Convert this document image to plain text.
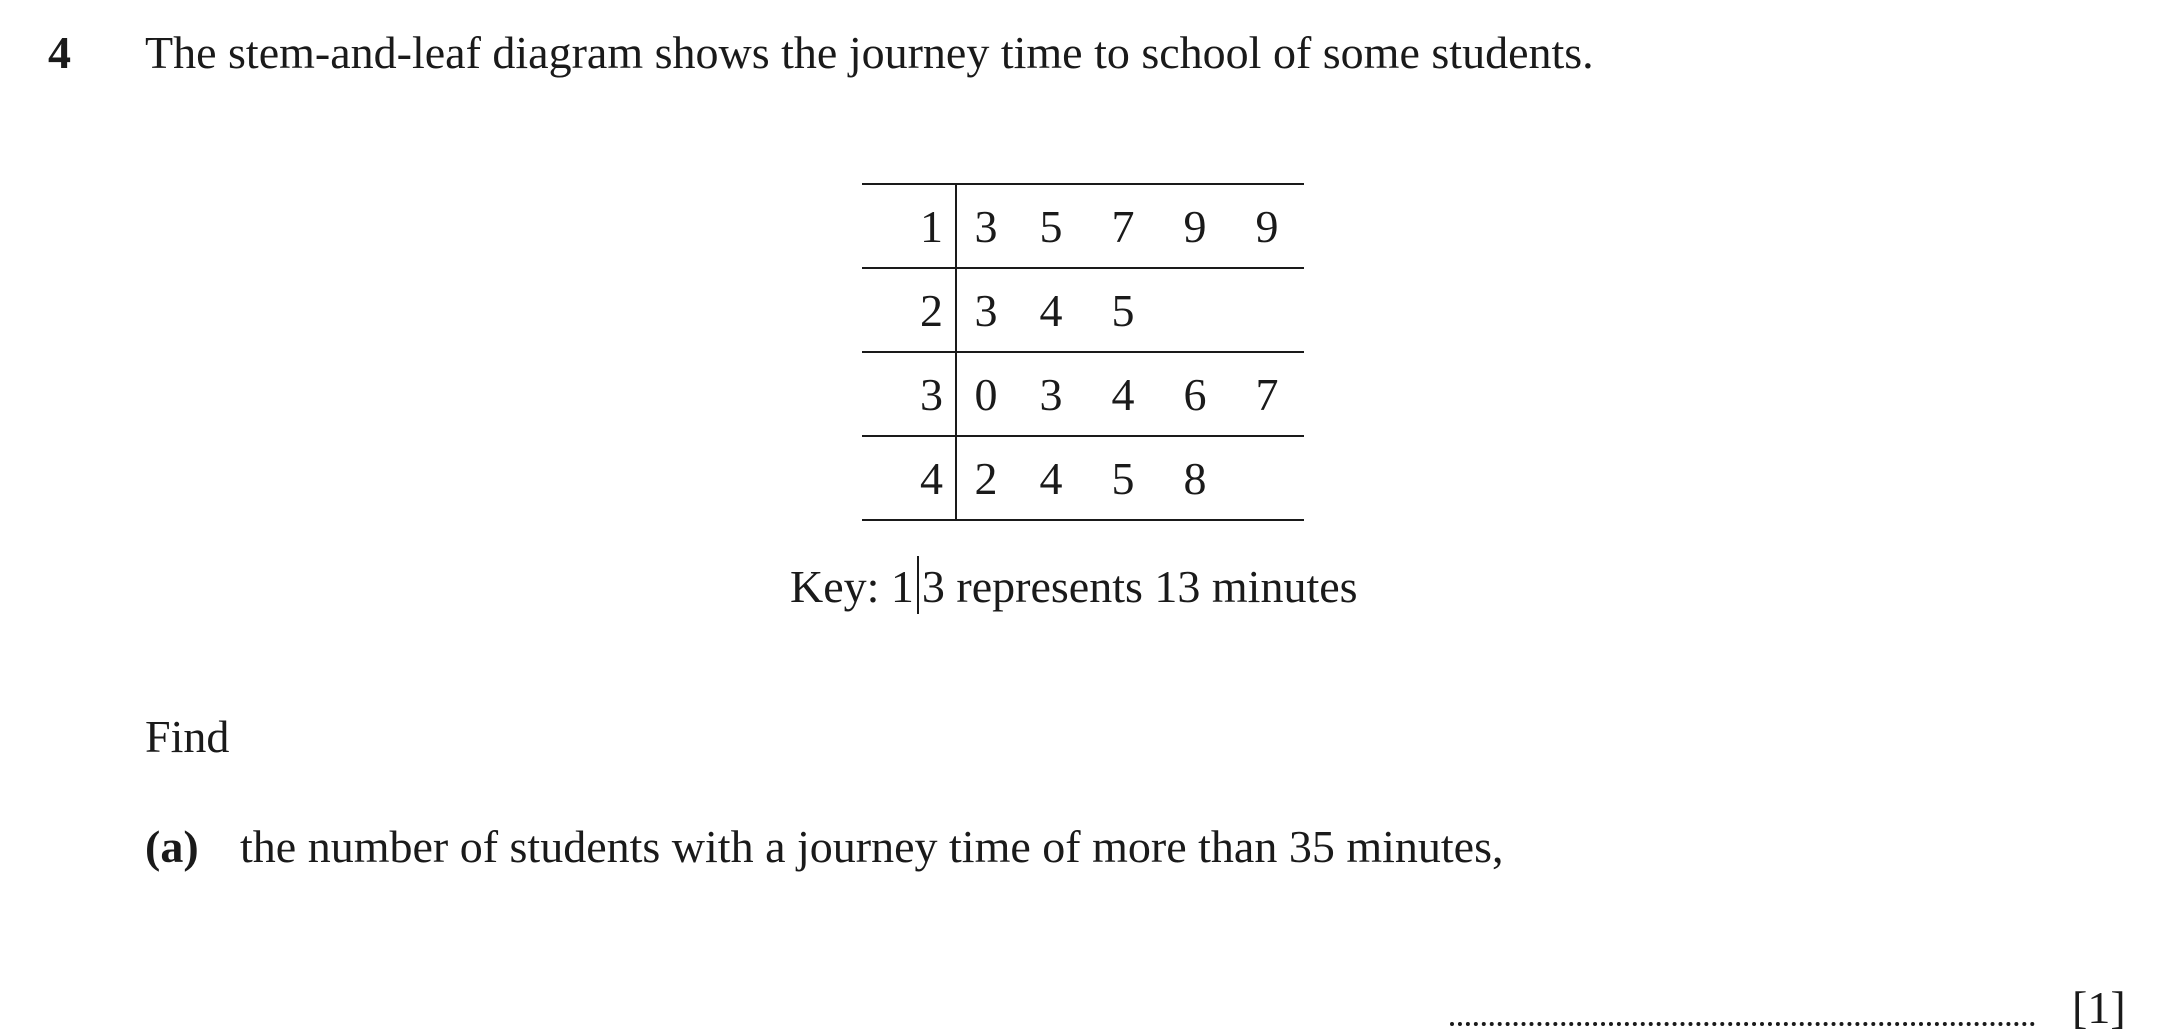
4 The stem-and-leaf diagram shows the journey time to school of some students.
1	3 5 7 9 9
2	3 4 5
3	0 3 4 6 7
4	2 4 5 8
Key: 1 3 represents 13 minutes
Find
(a) the number of students with a journey time of more than 35 minutes,
[1]
